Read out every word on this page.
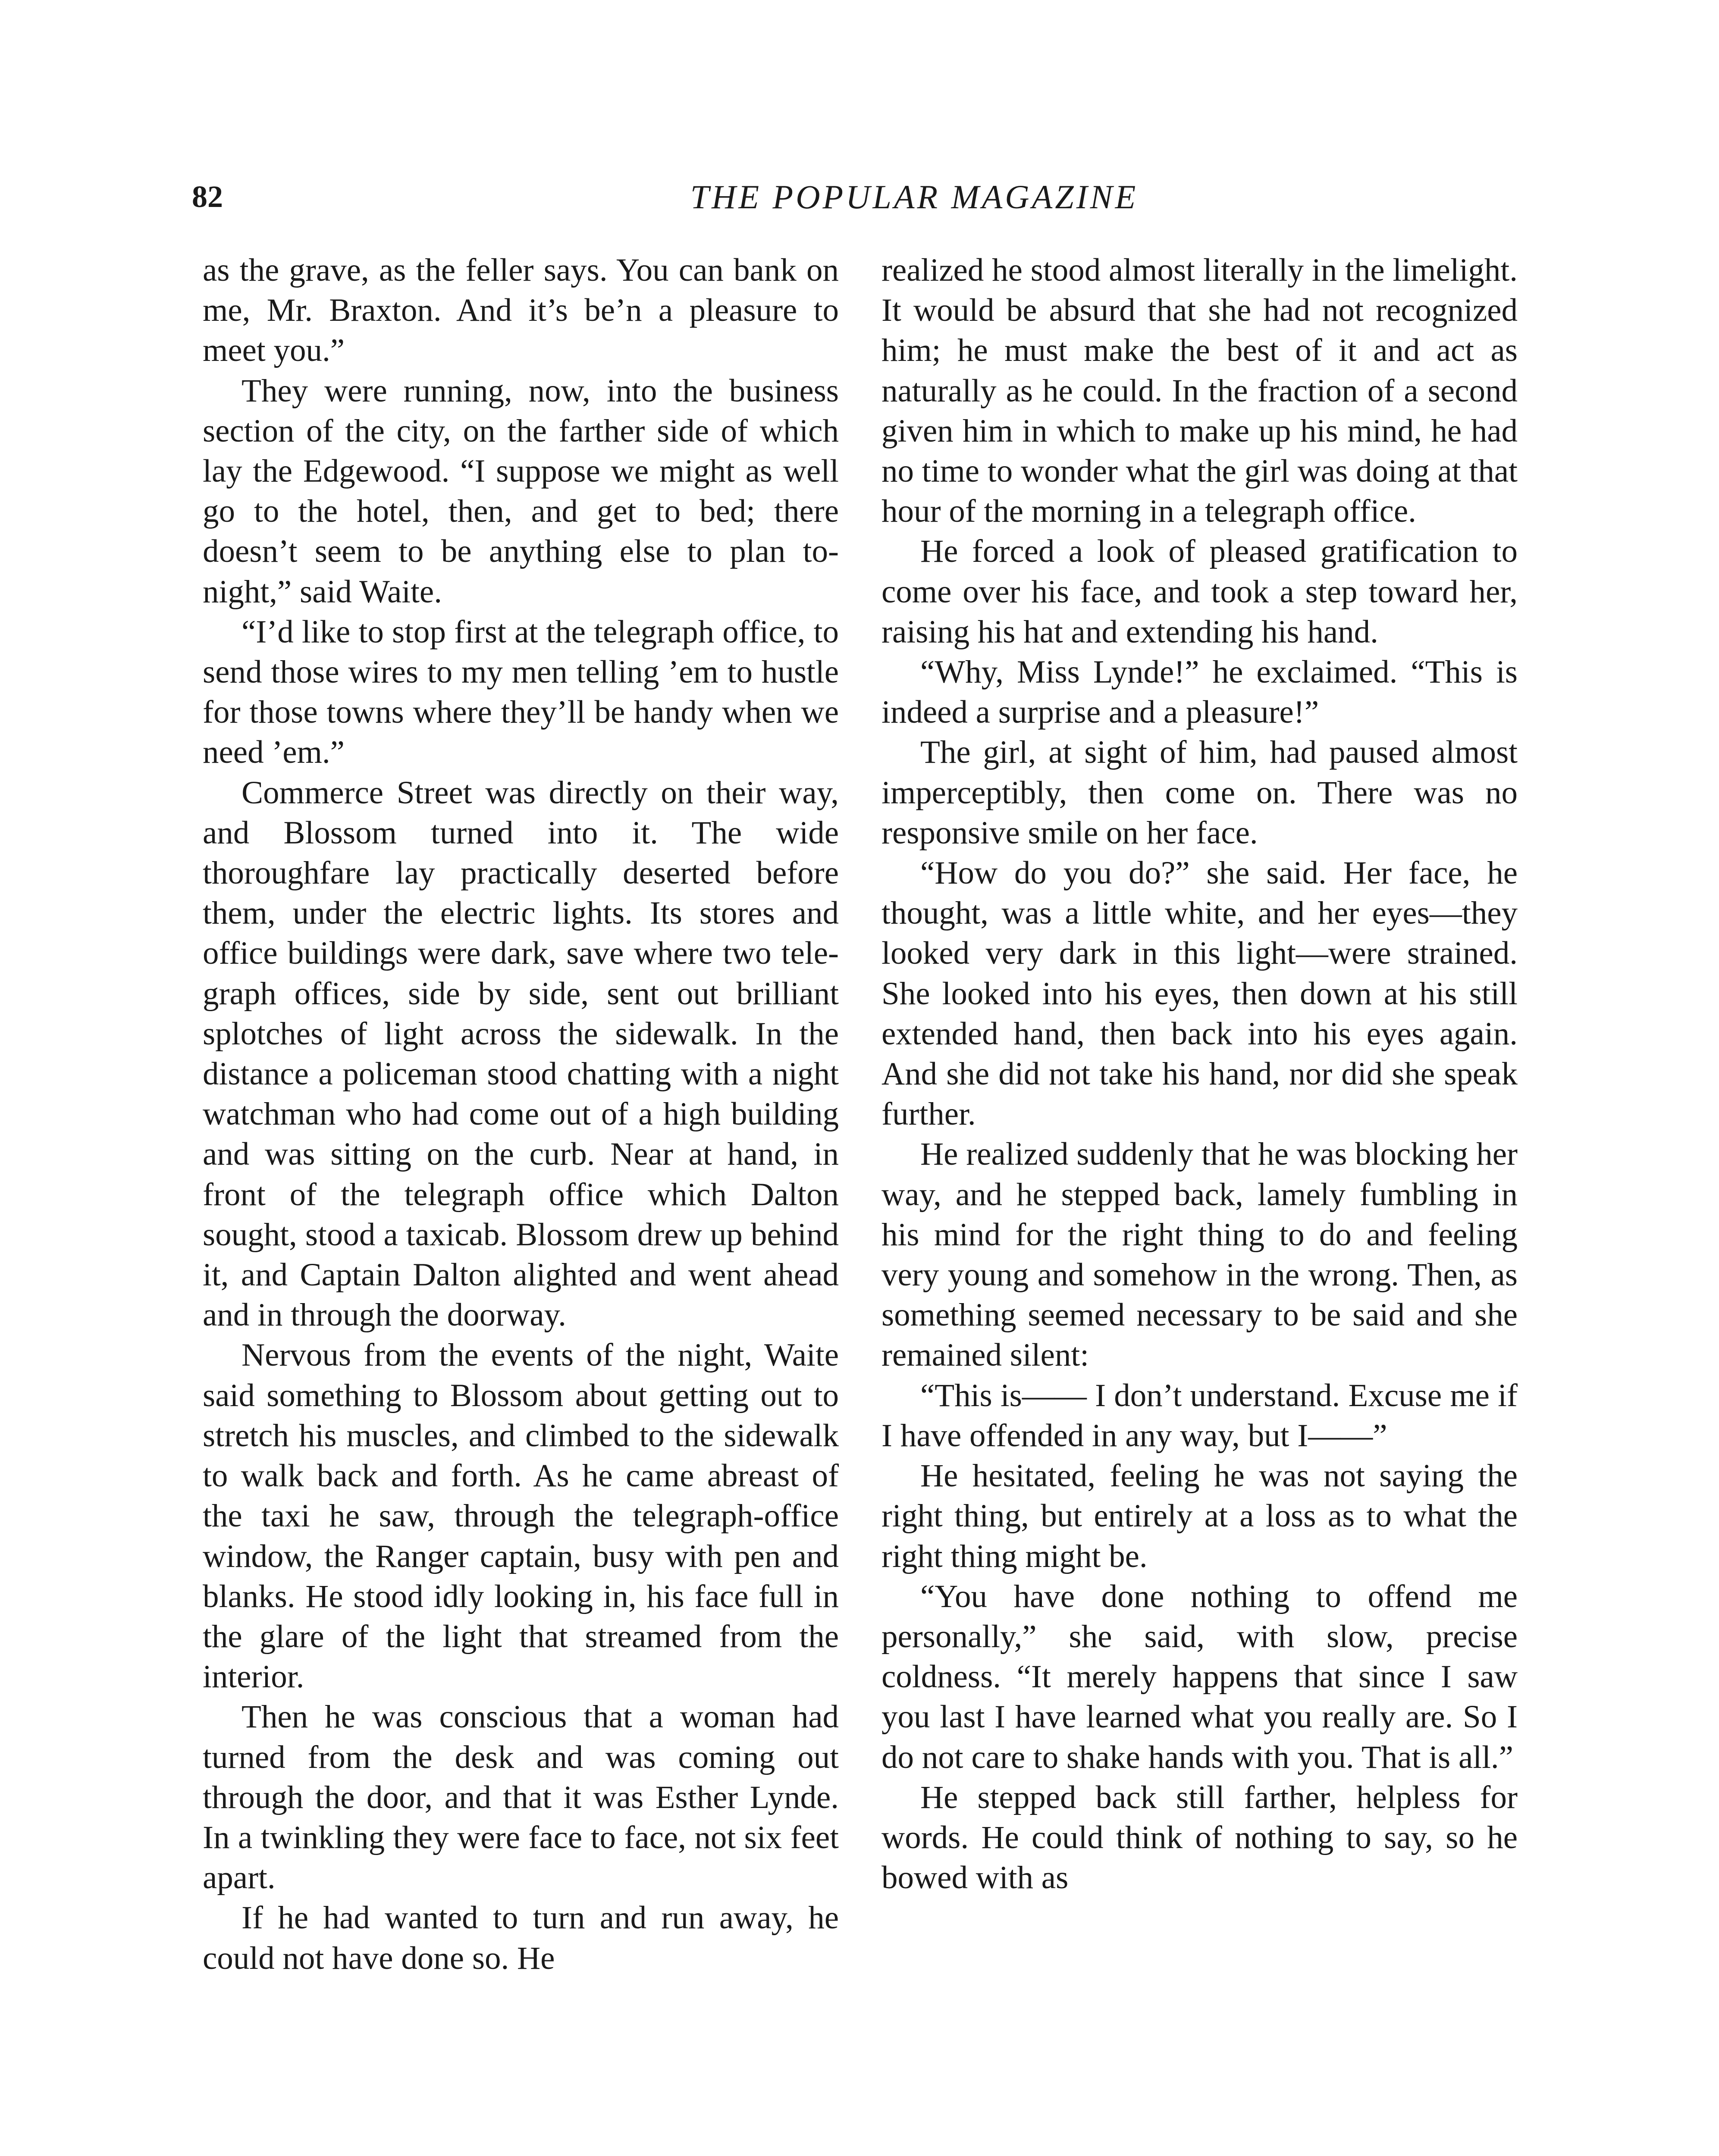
82	THE POPULAR MAGAZINE

as the grave, as the feller says. You can bank on me, Mr. Braxton. And it’s be’n a pleasure to meet you.”

They were running, now, into the business section of the city, on the farther side of which lay the Edgewood. “I suppose we might as well go to the hotel, then, and get to bed; there doesn’t seem to be anything else to plan tonight,” said Waite.

“I’d like to stop first at the telegraph office, to send those wires to my men telling ’em to hustle for those towns where they’ll be handy when we need ’em.”

Commerce Street was directly on their way, and Blossom turned into it. The wide thoroughfare lay practically deserted before them, under the electric lights. Its stores and office buildings were dark, save where two telegraph offices, side by side, sent out brilliant splotches of light across the sidewalk. In the distance a policeman stood chatting with a night watchman who had come out of a high building and was sitting on the curb. Near at hand, in front of the telegraph office which Dalton sought, stood a taxicab. Blossom drew up behind it, and Captain Dalton alighted and went ahead and in through the doorway.

Nervous from the events of the night, Waite said something to Blossom about getting out to stretch his muscles, and climbed to the sidewalk to walk back and forth. As he came abreast of the taxi he saw, through the telegraph-office window, the Ranger captain, busy with pen and blanks. He stood idly looking in, his face full in the glare of the light that streamed from the interior.

Then he was conscious that a woman had turned from the desk and was coming out through the door, and that it was Esther Lynde. In a twinkling they were face to face, not six feet apart.

If he had wanted to turn and run away, he could not have done so. He

realized he stood almost literally in the limelight. It would be absurd that she had not recognized him; he must make the best of it and act as naturally as he could. In the fraction of a second given him in which to make up his mind, he had no time to wonder what the girl was doing at that hour of the morning in a telegraph office.

He forced a look of pleased gratification to come over his face, and took a step toward her, raising his hat and extending his hand.

“Why, Miss Lynde!” he exclaimed. “This is indeed a surprise and a pleasure!”

The girl, at sight of him, had paused almost imperceptibly, then come on. There was no responsive smile on her face.

“How do you do?” she said. Her face, he thought, was a little white, and her eyes—they looked very dark in this light—were strained. She looked into his eyes, then down at his still extended hand, then back into his eyes again. And she did not take his hand, nor did she speak further.

He realized suddenly that he was blocking her way, and he stepped back, lamely fumbling in his mind for the right thing to do and feeling very young and somehow in the wrong. Then, as something seemed necessary to be said and she remained silent:

“This is—— I don’t understand. Excuse me if I have offended in any way, but I——”

He hesitated, feeling he was not saying the right thing, but entirely at a loss as to what the right thing might be.

“You have done nothing to offend me personally,” she said, with slow, precise coldness. “It merely happens that since I saw you last I have learned what you really are. So I do not care to shake hands with you. That is all.”

He stepped back still farther, helpless for words. He could think of nothing to say, so he bowed with as
